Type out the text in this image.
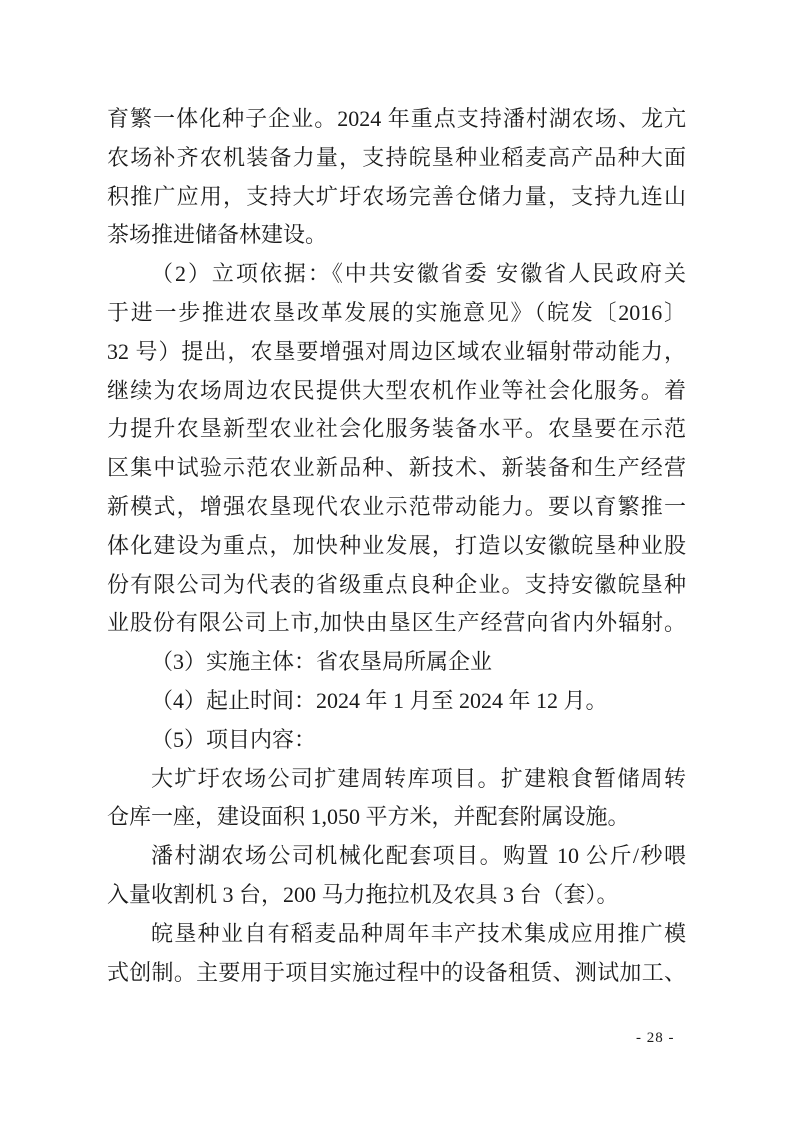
育繁一体化种子企业。2024 年重点支持潘村湖农场、龙亢
农场补齐农机装备力量，支持皖垦种业稻麦高产品种大面
积推广应用，支持大圹圩农场完善仓储力量，支持九连山
茶场推进储备林建设。
（2）立项依据：《中共安徽省委 安徽省人民政府关
于进一步推进农垦改革发展的实施意见》（皖发〔2016〕
32 号）提出，农垦要增强对周边区域农业辐射带动能力，
继续为农场周边农民提供大型农机作业等社会化服务。着
力提升农垦新型农业社会化服务装备水平。农垦要在示范
区集中试验示范农业新品种、新技术、新装备和生产经营
新模式，增强农垦现代农业示范带动能力。要以育繁推一
体化建设为重点，加快种业发展，打造以安徽皖垦种业股
份有限公司为代表的省级重点良种企业。支持安徽皖垦种
业股份有限公司上市,加快由垦区生产经营向省内外辐射。
（3）实施主体：省农垦局所属企业
（4）起止时间：2024 年 1 月至 2024 年 12 月。
（5）项目内容：
大圹圩农场公司扩建周转库项目。扩建粮食暂储周转
仓库一座，建设面积 1,050 平方米，并配套附属设施。
潘村湖农场公司机械化配套项目。购置 10 公斤/秒喂
入量收割机 3 台，200 马力拖拉机及农具 3 台（套）。
皖垦种业自有稻麦品种周年丰产技术集成应用推广模
式创制。主要用于项目实施过程中的设备租赁、测试加工、
- 28 -
